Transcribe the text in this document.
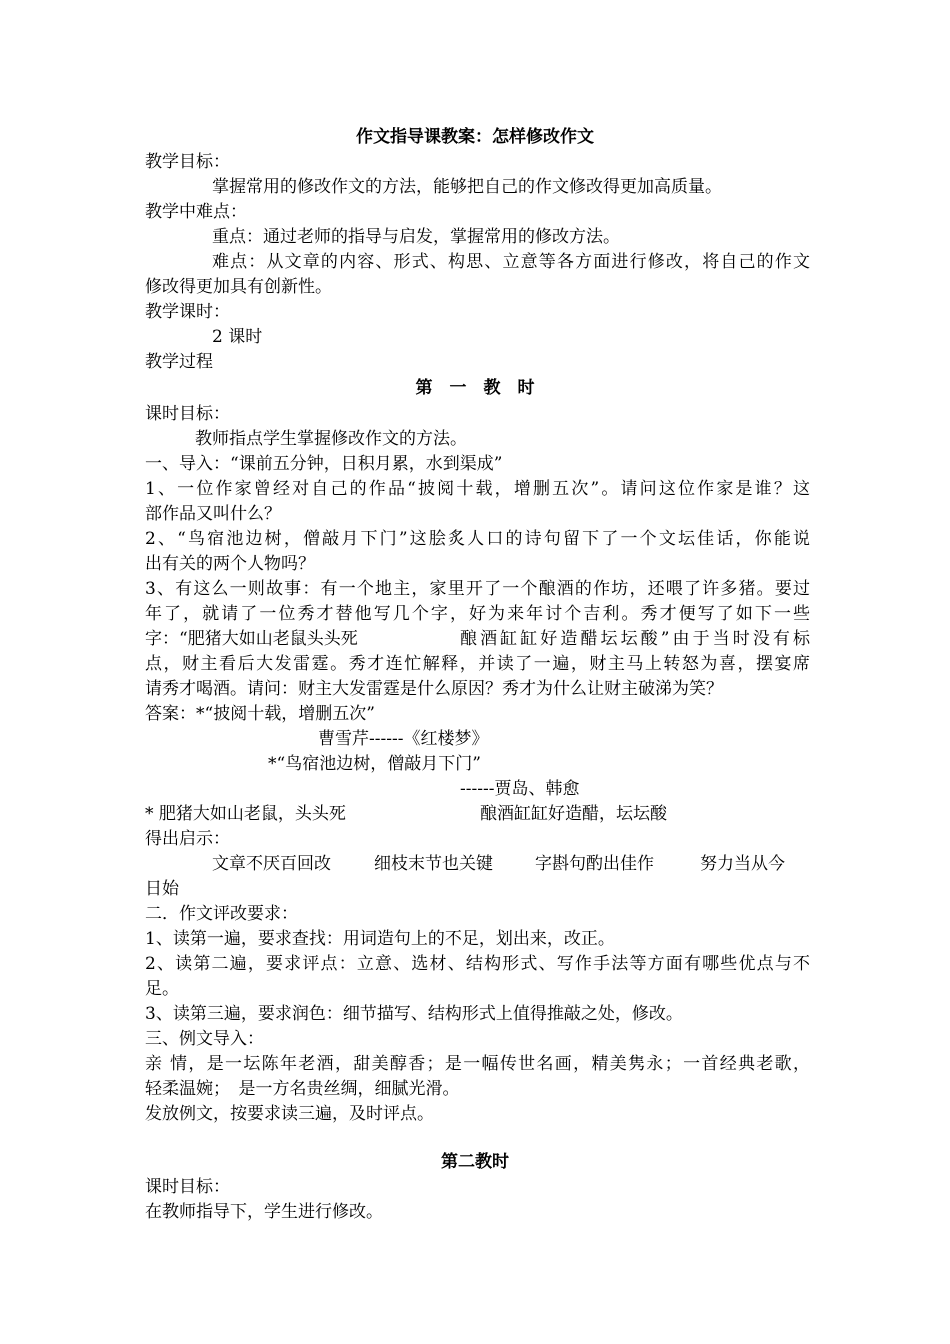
作文指导课教案：怎样修改作文
教学目标：
掌握常用的修改作文的方法，能够把自己的作文修改得更加高质量。
教学中难点：
重点：通过老师的指导与启发，掌握常用的修改方法。
难点：从文章的内容、形式、构思、立意等各方面进行修改，将自己的作文
修改得更加具有创新性。
教学课时：
2 课时
教学过程
第　一　教　时
课时目标：
教师指点学生掌握修改作文的方法。
一、导入：“课前五分钟，日积月累，水到渠成”
1、一位作家曾经对自己的作品“披阅十载，增删五次”。请问这位作家是谁？这
部作品又叫什么？
2、“鸟宿池边树，僧敲月下门”这脍炙人口的诗句留下了一个文坛佳话，你能说
出有关的两个人物吗？
3、有这么一则故事：有一个地主，家里开了一个酿酒的作坊，还喂了许多猪。要过
年了，就请了一位秀才替他写几个字，好为来年讨个吉利。秀才便写了如下一些
字：“肥猪大如山老鼠头头死	酿酒缸缸好造醋坛坛酸”由于当时没有标
点，财主看后大发雷霆。秀才连忙解释，并读了一遍，财主马上转怒为喜，摆宴席
请秀才喝酒。请问：财主大发雷霆是什么原因？秀才为什么让财主破涕为笑？
答案：*“披阅十载，增删五次”
曹雪芹------《红楼梦》
*“鸟宿池边树，僧敲月下门”
------贾岛、韩愈
* 肥猪大如山老鼠，头头死	酿酒缸缸好造醋，坛坛酸
得出启示：
文章不厌百回改	细枝末节也关键 字斟句酌出佳作	努力当从今
日始
二．作文评改要求：
1、读第一遍，要求查找：用词造句上的不足，划出来，改正。
2、读第二遍，要求评点：立意、选材、结构形式、写作手法等方面有哪些优点与不
足。
3、读第三遍，要求润色：细节描写、结构形式上值得推敲之处，修改。
三、例文导入：
亲 情，是一坛陈年老酒，甜美醇香；是一幅传世名画，精美隽永；一首经典老歌，
轻柔温婉；　是一方名贵丝绸，细腻光滑。
发放例文，按要求读三遍，及时评点。
第二教时
课时目标：
在教师指导下，学生进行修改。
